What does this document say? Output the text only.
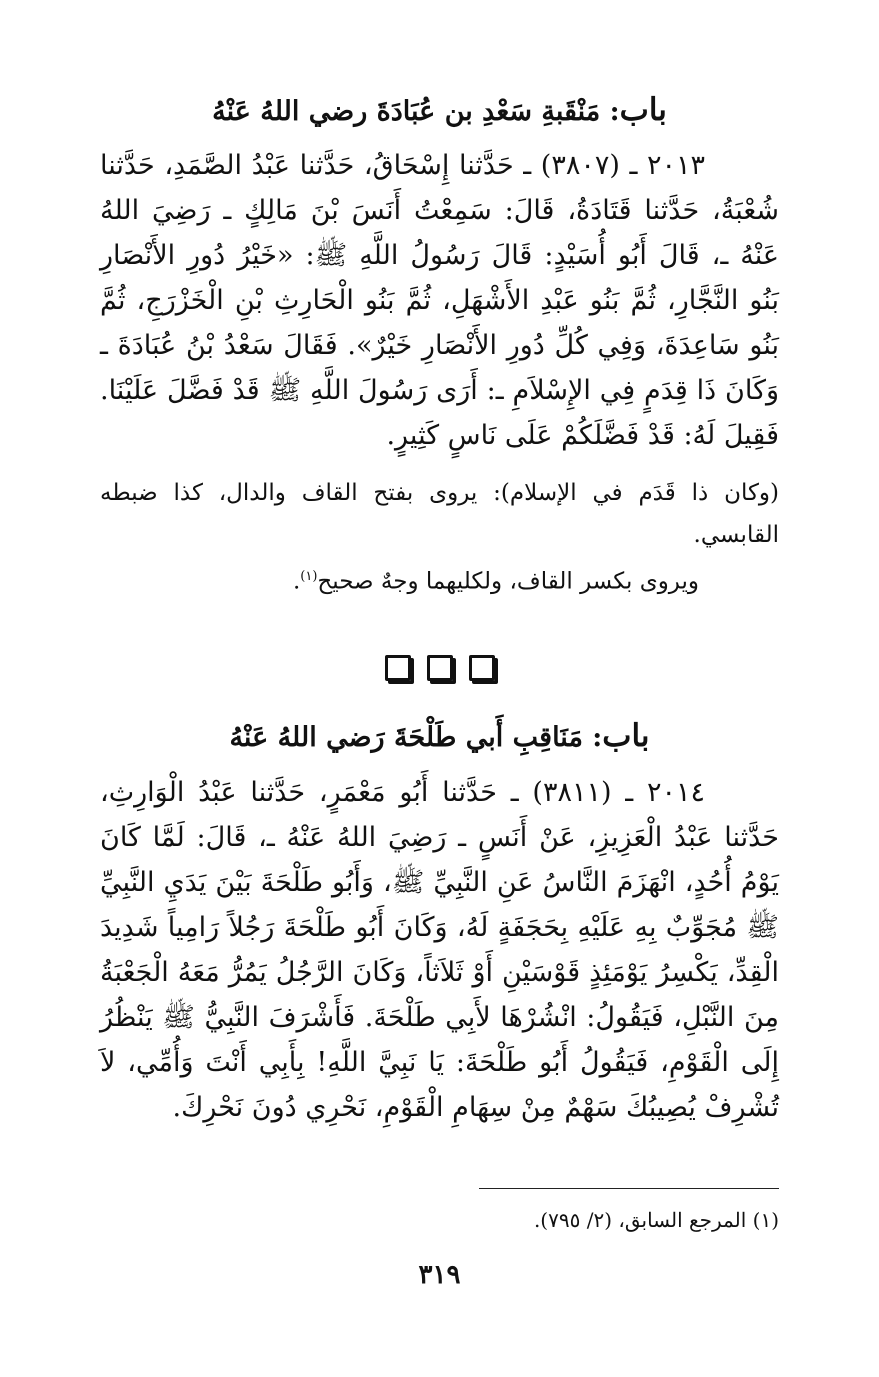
باب: مَنْقَبةِ سَعْدِ بن عُبَادَةَ رضي اللهُ عَنْهُ

٢٠١٣ ـ (٣٨٠٧) ـ حَدَّثنا إِسْحَاقُ، حَدَّثنا عَبْدُ الصَّمَدِ، حَدَّثنا شُعْبَةُ، حَدَّثنا قَتَادَةُ، قَالَ: سَمِعْتُ أَنَسَ بْنَ مَالِكٍ ـ رَضِيَ اللهُ عَنْهُ ـ، قَالَ أَبُو أُسَيْدٍ: قَالَ رَسُولُ اللَّهِ ﷺ: «خَيْرُ دُورِ الأَنْصَارِ بَنُو النَّجَّارِ، ثُمَّ بَنُو عَبْدِ الأَشْهَلِ، ثُمَّ بَنُو الْحَارِثِ بْنِ الْخَزْرَجِ، ثُمَّ بَنُو سَاعِدَةَ، وَفِي كُلِّ دُورِ الأَنْصَارِ خَيْرٌ». فَقَالَ سَعْدُ بْنُ عُبَادَةَ ـ وَكَانَ ذَا قِدَمٍ فِي الإِسْلاَمِ ـ: أَرَى رَسُولَ اللَّهِ ﷺ قَدْ فَضَّلَ عَلَيْنَا. فَقِيلَ لَهُ: قَدْ فَضَّلَكُمْ عَلَى نَاسٍ كَثِيرٍ.

(وكان ذا قَدَم في الإسلام): يروى بفتح القاف والدال، كذا ضبطه القابسي.

ويروى بكسر القاف، ولكليهما وجهٌ صحيح$^{(١)}$.

باب: مَنَاقِبِ أَبي طَلْحَةَ رَضي اللهُ عَنْهُ

٢٠١٤ ـ (٣٨١١) ـ حَدَّثنا أَبُو مَعْمَرٍ، حَدَّثنا عَبْدُ الْوَارِثِ، حَدَّثنا عَبْدُ الْعَزِيزِ، عَنْ أَنَسٍ ـ رَضِيَ اللهُ عَنْهُ ـ، قَالَ: لَمَّا كَانَ يَوْمُ أُحُدٍ، انْهَزَمَ النَّاسُ عَنِ النَّبِيِّ ﷺ، وَأَبُو طَلْحَةَ بَيْنَ يَدَيِ النَّبِيِّ ﷺ مُجَوِّبٌ بِهِ عَلَيْهِ بِحَجَفَةٍ لَهُ، وَكَانَ أَبُو طَلْحَةَ رَجُلاً رَامِياً شَدِيدَ الْقِدِّ، يَكْسِرُ يَوْمَئِذٍ قَوْسَيْنِ أَوْ ثَلاَثاً، وَكَانَ الرَّجُلُ يَمُرُّ مَعَهُ الْجَعْبَةُ مِنَ النَّبْلِ، فَيَقُولُ: انْشُرْهَا لأَبِي طَلْحَةَ. فَأَشْرَفَ النَّبِيُّ ﷺ يَنْظُرُ إِلَى الْقَوْمِ، فَيَقُولُ أَبُو طَلْحَةَ: يَا نَبِيَّ اللَّهِ! بِأَبِي أَنْتَ وَأُمِّي، لاَ تُشْرِفْ يُصِيبُكَ سَهْمٌ مِنْ سِهَامِ الْقَوْمِ، نَحْرِي دُونَ نَحْرِكَ.

(١) المرجع السابق، (٢/ ٧٩٥).
٣١٩
